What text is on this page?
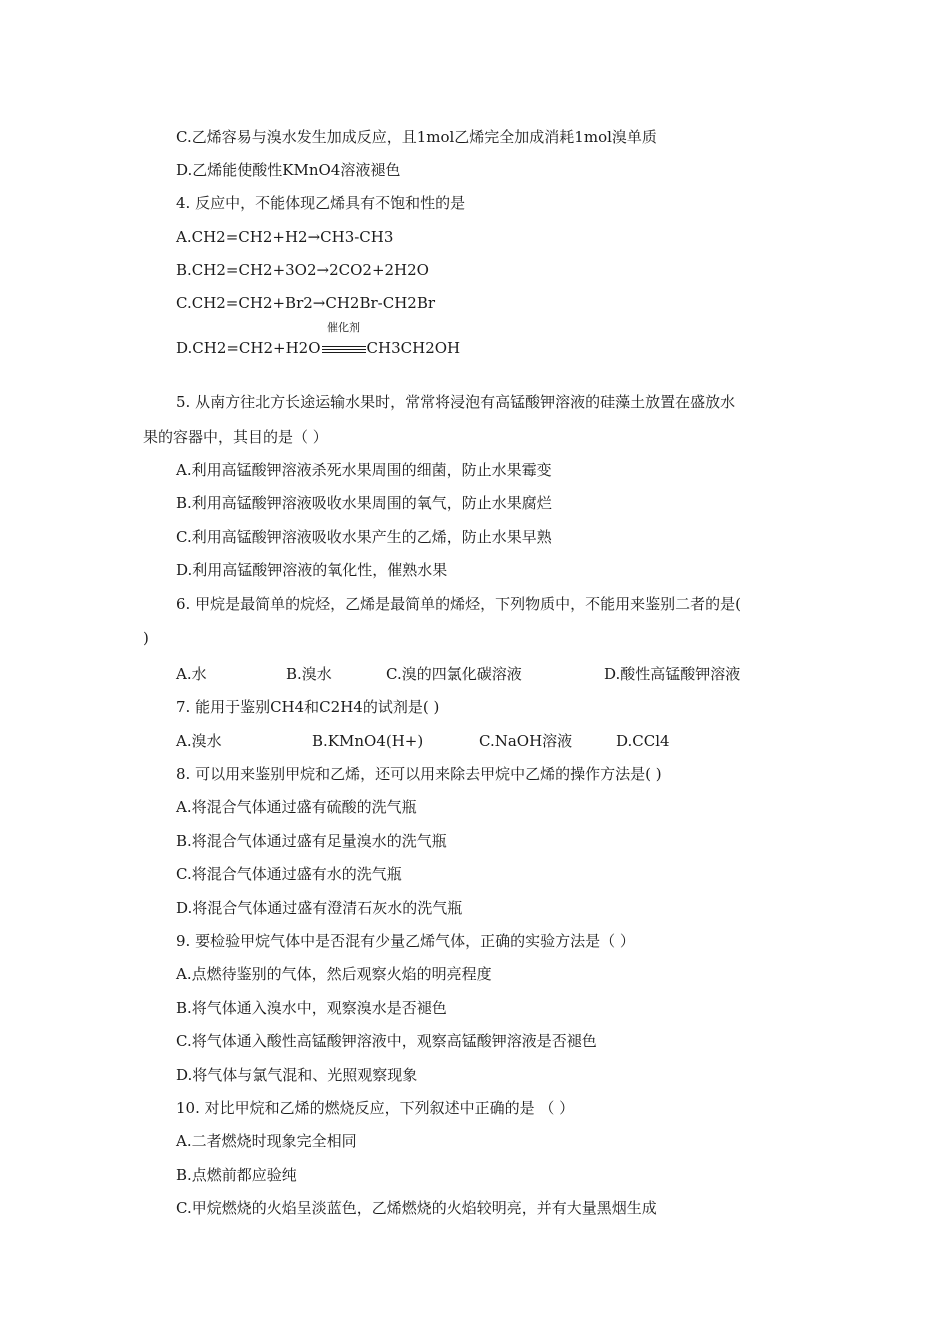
C.乙烯容易与溴水发生加成反应，且1mol乙烯完全加成消耗1mol溴单质
D.乙烯能使酸性KMnO4溶液褪色
4. 反应中，不能体现乙烯具有不饱和性的是
A.CH2=CH2+H2→CH3-CH3
B.CH2=CH2+3O2→2CO2+2H2O
C.CH2=CH2+Br2→CH2Br-CH2Br
D.CH2=CH2+H2O
催化剂
CH3CH2OH
5. 从南方往北方长途运输水果时，常常将浸泡有高锰酸钾溶液的硅藻土放置在盛放水
果的容器中，其目的是（ ）
A.利用高锰酸钾溶液杀死水果周围的细菌，防止水果霉变
B.利用高锰酸钾溶液吸收水果周围的氧气，防止水果腐烂
C.利用高锰酸钾溶液吸收水果产生的乙烯，防止水果早熟
D.利用高锰酸钾溶液的氧化性，催熟水果
6. 甲烷是最简单的烷烃，乙烯是最简单的烯烃，下列物质中，不能用来鉴别二者的是(
)
A.水	B.溴水	C.溴的四氯化碳溶液	D.酸性高锰酸钾溶液
7. 能用于鉴别CH4和C2H4的试剂是( )
A.溴水	B.KMnO4(H+)	C.NaOH溶液	D.CCl4
8. 可以用来鉴别甲烷和乙烯，还可以用来除去甲烷中乙烯的操作方法是( )
A.将混合气体通过盛有硫酸的洗气瓶
B.将混合气体通过盛有足量溴水的洗气瓶
C.将混合气体通过盛有水的洗气瓶
D.将混合气体通过盛有澄清石灰水的洗气瓶
9. 要检验甲烷气体中是否混有少量乙烯气体，正确的实验方法是（ ）
A.点燃待鉴别的气体，然后观察火焰的明亮程度
B.将气体通入溴水中，观察溴水是否褪色
C.将气体通入酸性高锰酸钾溶液中，观察高锰酸钾溶液是否褪色
D.将气体与氯气混和、光照观察现象
10. 对比甲烷和乙烯的燃烧反应，下列叙述中正确的是 （ ）
A.二者燃烧时现象完全相同
B.点燃前都应验纯
C.甲烷燃烧的火焰呈淡蓝色，乙烯燃烧的火焰较明亮，并有大量黑烟生成
